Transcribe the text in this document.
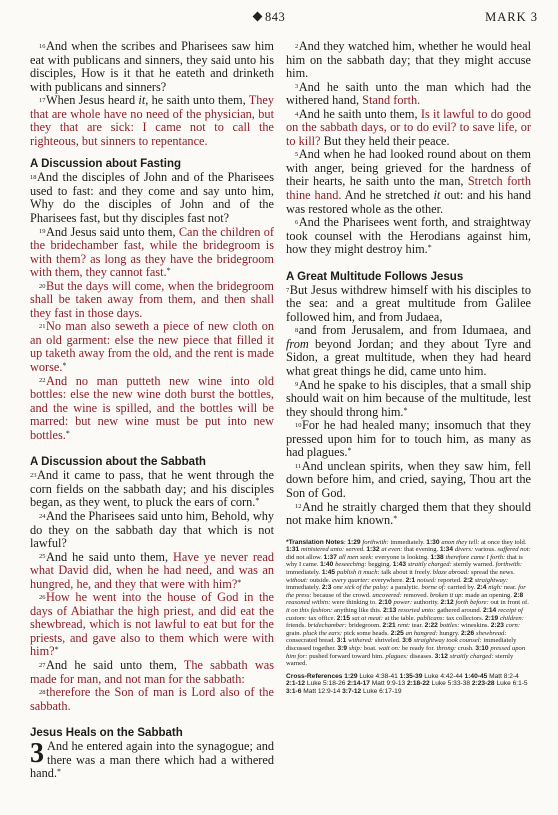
843	MARK 3

$^{16}$And when the scribes and Pharisees saw him eat with publicans and sinners, they said unto his disciples, How is it that he eateth and drinketh with publicans and sinners?

$^{17}$When Jesus heard it, he saith unto them, They that are whole have no need of the physician, but they that are sick: I came not to call the righteous, but sinners to repentance.

A Discussion about Fasting

$^{18}$And the disciples of John and of the Pharisees used to fast: and they come and say unto him, Why do the disciples of John and of the Pharisees fast, but thy disciples fast not?

$^{19}$And Jesus said unto them, Can the children of the bridechamber fast, while the bridegroom is with them? as long as they have the bridegroom with them, they cannot fast.*

$^{20}$But the days will come, when the bridegroom shall be taken away from them, and then shall they fast in those days.

$^{21}$No man also seweth a piece of new cloth on an old garment: else the new piece that filled it up taketh away from the old, and the rent is made worse.*

$^{22}$And no man putteth new wine into old bottles: else the new wine doth burst the bottles, and the wine is spilled, and the bottles will be marred: but new wine must be put into new bottles.*

A Discussion about the Sabbath

$^{23}$And it came to pass, that he went through the corn fields on the sabbath day; and his disciples began, as they went, to pluck the ears of corn.*

$^{24}$And the Pharisees said unto him, Behold, why do they on the sabbath day that which is not lawful?

$^{25}$And he said unto them, Have ye never read what David did, when he had need, and was an hungred, he, and they that were with him?*

$^{26}$How he went into the house of God in the days of Abiathar the high priest, and did eat the shewbread, which is not lawful to eat but for the priests, and gave also to them which were with him?*

$^{27}$And he said unto them, The sabbath was made for man, and not man for the sabbath:

$^{28}$therefore the Son of man is Lord also of the sabbath.

Jesus Heals on the Sabbath

3 And he entered again into the synagogue; and there was a man there which had a withered hand.*

$^2$And they watched him, whether he would heal him on the sabbath day; that they might accuse him.

$^3$And he saith unto the man which had the withered hand, Stand forth.

$^4$And he saith unto them, Is it lawful to do good on the sabbath days, or to do evil? to save life, or to kill? But they held their peace.

$^5$And when he had looked round about on them with anger, being grieved for the hardness of their hearts, he saith unto the man, Stretch forth thine hand. And he stretched it out: and his hand was restored whole as the other.

$^6$And the Pharisees went forth, and straightway took counsel with the Herodians against him, how they might destroy him.*

A Great Multitude Follows Jesus

$^7$But Jesus withdrew himself with his disciples to the sea: and a great multitude from Galilee followed him, and from Judaea,

$^8$and from Jerusalem, and from Idumaea, and from beyond Jordan; and they about Tyre and Sidon, a great multitude, when they had heard what great things he did, came unto him.

$^9$And he spake to his disciples, that a small ship should wait on him because of the multitude, lest they should throng him.*

$^{10}$For he had healed many; insomuch that they pressed upon him for to touch him, as many as had plagues.*

$^{11}$And unclean spirits, when they saw him, fell down before him, and cried, saying, Thou art the Son of God.

$^{12}$And he straitly charged them that they should not make him known.*

*Translation Notes: 1:29 forthwith: immediately. 1:30 anon they tell: at once they told. 1:31 ministered unto: served. 1:32 at even: that evening. 1:34 divers: various. suffered not: did not allow. 1:37 all men seek: everyone is looking. 1:38 therefore came I forth: that is why I came. 1:40 beseeching: begging. 1:43 straitly charged: sternly warned. forthwith: immediately. 1:45 publish it much: talk about it freely. blaze abroad: spread the news. without: outside. every quarter: everywhere. 2:1 noised: reported. 2:2 straightway: immediately. 2:3 one sick of the palsy: a paralytic. borne of: carried by. 2:4 nigh: near. for the press: because of the crowd. uncovered: removed. broken it up: made an opening. 2:8 reasoned within: were thinking to. 2:10 power: authority. 2:12 forth before: out in front of. it on this fashion: anything like this. 2:13 resorted unto: gathered around. 2:14 receipt of custom: tax office. 2:15 sat at meat: at the table. publicans: tax collectors. 2:19 children: friends. bridechamber: bridegroom. 2:21 rent: tear. 2:22 bottles: wineskins. 2:23 corn: grain. pluck the ears: pick some heads. 2:25 an hungred: hungry. 2:26 shewbread: consecrated bread. 3:1 withered: shriveled. 3:6 straightway took counsel: immediately discussed together. 3:9 ship: boat. wait on: be ready for. throng: crush. 3:10 pressed upon him for: pushed forward toward him. plagues: diseases. 3:12 straitly charged: sternly warned.
Cross-References 1:29 Luke 4:38-41 1:35-39 Luke 4:42-44 1:40-45 Matt 8:2-4 2:1-12 Luke 5:18-26 2:14-17 Matt 9:9-13 2:18-22 Luke 5:33-38 2:23-28 Luke 6:1-5 3:1-6 Matt 12:9-14 3:7-12 Luke 6:17-19
